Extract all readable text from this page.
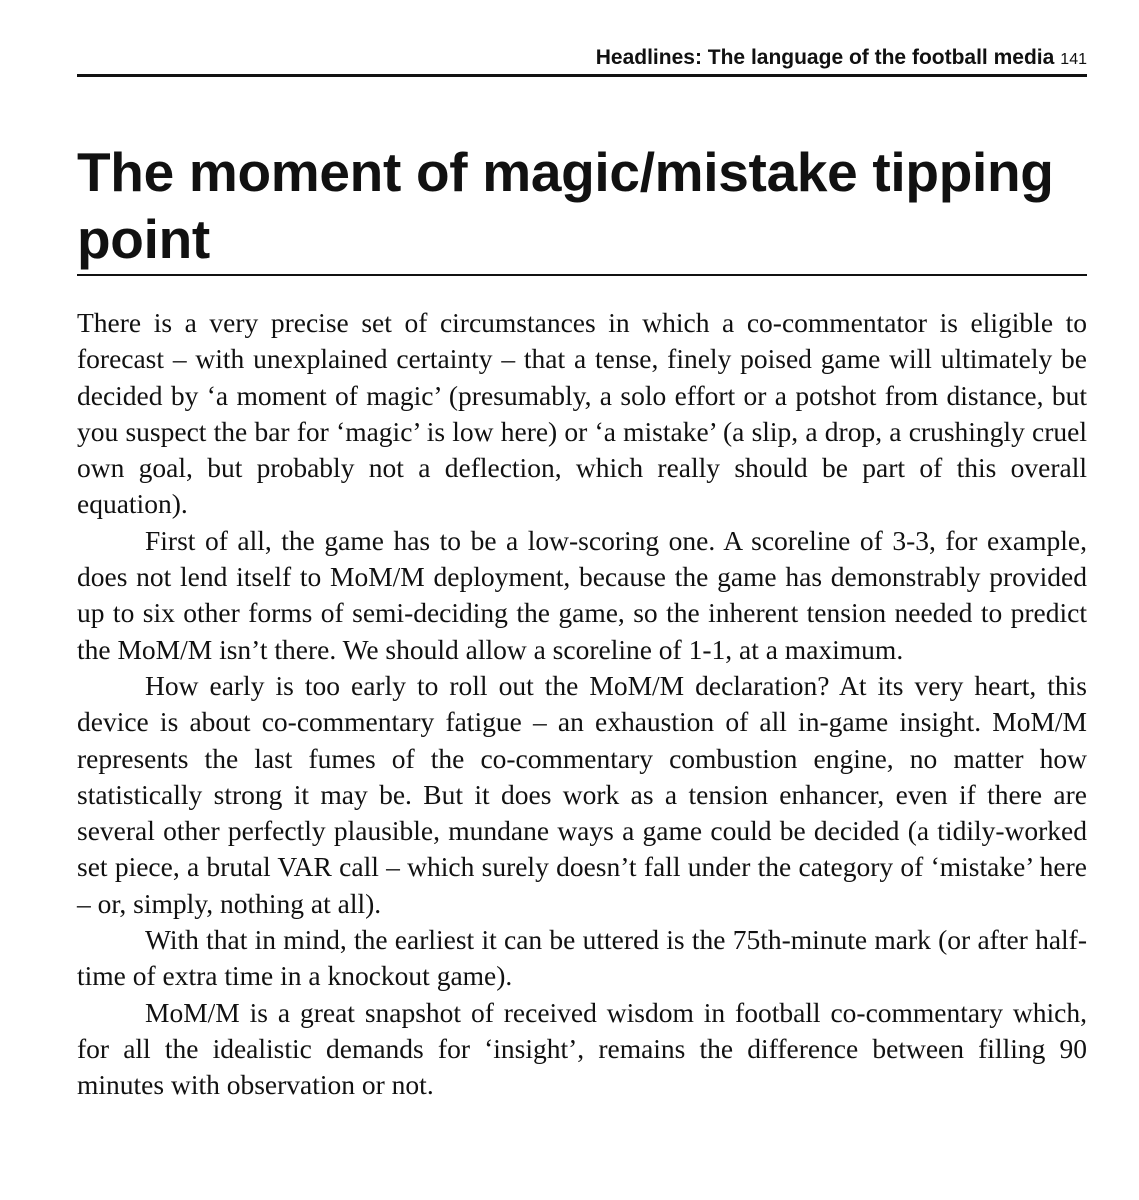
Headlines: The language of the football media 141
The moment of magic/mistake tipping point

There is a very precise set of circumstances in which a co-commentator is eligible to forecast – with unexplained certainty – that a tense, finely poised game will ultimately be decided by ‘a moment of magic’ (presumably, a solo effort or a potshot from distance, but you suspect the bar for ‘magic’ is low here) or ‘a mistake’ (a slip, a drop, a crushingly cruel own goal, but probably not a deflection, which really should be part of this overall equation).

First of all, the game has to be a low-scoring one. A scoreline of 3-3, for example, does not lend itself to MoM/M deployment, because the game has demonstrably provided up to six other forms of semi-deciding the game, so the inherent tension needed to predict the MoM/M isn’t there. We should allow a scoreline of 1-1, at a maximum.

How early is too early to roll out the MoM/M declaration? At its very heart, this device is about co-commentary fatigue – an exhaustion of all in-game insight. MoM/M represents the last fumes of the co-commentary combustion engine, no matter how statistically strong it may be. But it does work as a tension enhancer, even if there are several other perfectly plausible, mundane ways a game could be decided (a tidily-worked set piece, a brutal VAR call – which surely doesn’t fall under the category of ‘mistake’ here – or, simply, nothing at all).

With that in mind, the earliest it can be uttered is the 75th-minute mark (or after half-time of extra time in a knockout game).

MoM/M is a great snapshot of received wisdom in football co-commentary which, for all the idealistic demands for ‘insight’, remains the difference between filling 90 minutes with observation or not.
